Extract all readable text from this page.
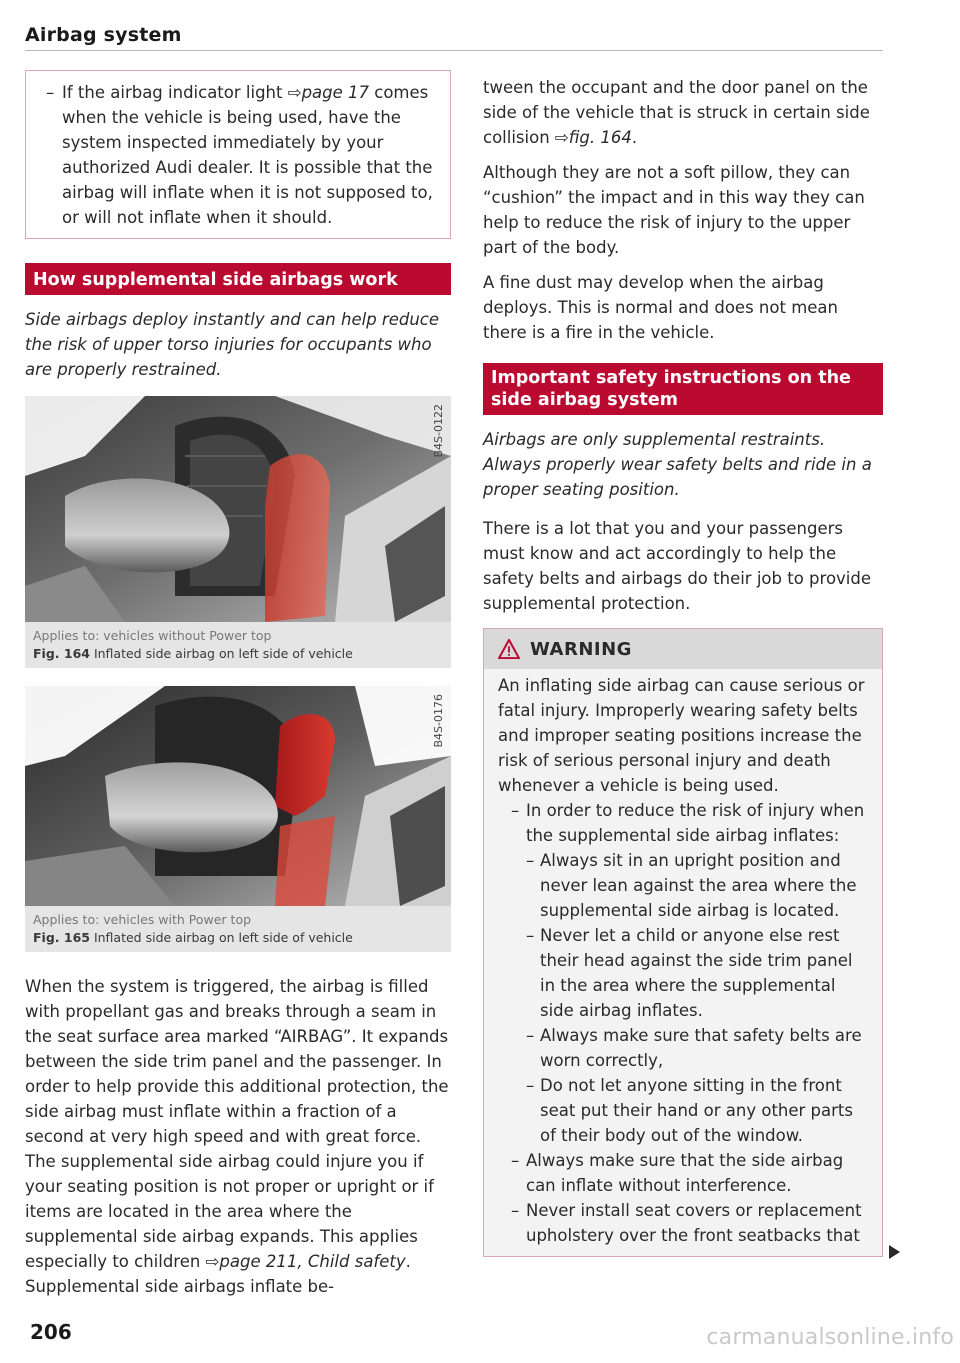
Airbag system
– If the airbag indicator light ⇨page 17 comes when the vehicle is being used, have the system inspected immediately by your authorized Audi dealer. It is possible that the airbag will inflate when it is not supposed to, or will not inflate when it should.
How supplemental side airbags work
Side airbags deploy instantly and can help reduce the risk of upper torso injuries for occupants who are properly restrained.
B4S-0122
Applies to: vehicles without Power top
Fig. 164 Inflated side airbag on left side of vehicle
B4S-0176
Applies to: vehicles with Power top
Fig. 165 Inflated side airbag on left side of vehicle
When the system is triggered, the airbag is filled with propellant gas and breaks through a seam in the seat surface area marked “AIRBAG”. It expands between the side trim panel and the passenger. In order to help provide this additional protection, the side airbag must inflate within a fraction of a second at very high speed and with great force. The supplemental side airbag could injure you if your seating position is not proper or upright or if items are located in the area where the supplemental side airbag expands. This applies especially to children ⇨page 211, Child safety. Supplemental side airbags inflate be-
tween the occupant and the door panel on the side of the vehicle that is struck in certain side collision ⇨fig. 164.
Although they are not a soft pillow, they can “cushion” the impact and in this way they can help to reduce the risk of injury to the upper part of the body.
A fine dust may develop when the airbag deploys. This is normal and does not mean there is a fire in the vehicle.
Important safety instructions on the side airbag system
Airbags are only supplemental restraints. Always properly wear safety belts and ride in a proper seating position.
There is a lot that you and your passengers must know and act accordingly to help the safety belts and airbags do their job to provide supplemental protection.
WARNING
An inflating side airbag can cause serious or fatal injury. Improperly wearing safety belts and improper seating positions increase the risk of serious personal injury and death whenever a vehicle is being used.
– In order to reduce the risk of injury when the supplemental side airbag inflates:
– Always sit in an upright position and never lean against the area where the supplemental side airbag is located.
– Never let a child or anyone else rest their head against the side trim panel in the area where the supplemental side airbag inflates.
– Always make sure that safety belts are worn correctly,
– Do not let anyone sitting in the front seat put their hand or any other parts of their body out of the window.
– Always make sure that the side airbag can inflate without interference.
– Never install seat covers or replacement upholstery over the front seatbacks that
206	carmanualsonline.info
